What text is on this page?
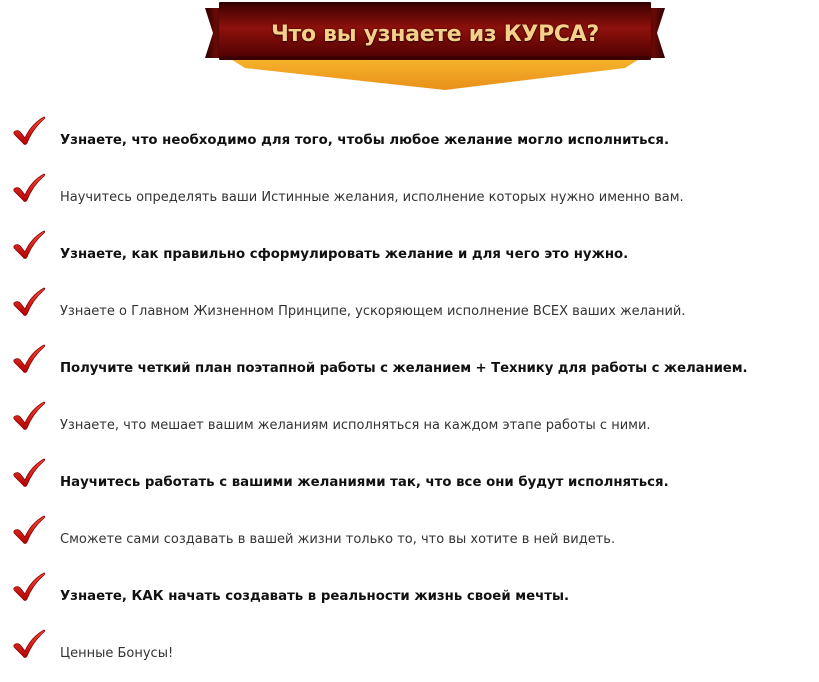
Что вы узнаете из КУРСА?
Узнаете, что необходимо для того, чтобы любое желание могло исполниться.
Научитесь определять ваши Истинные желания, исполнение которых нужно именно вам.
Узнаете, как правильно сформулировать желание и для чего это нужно.
Узнаете о Главном Жизненном Принципе, ускоряющем исполнение ВСЕХ ваших желаний.
Получите четкий план поэтапной работы с желанием + Технику для работы с желанием.
Узнаете, что мешает вашим желаниям исполняться на каждом этапе работы с ними.
Научитесь работать с вашими желаниями так, что все они будут исполняться.
Сможете сами создавать в вашей жизни только то, что вы хотите в ней видеть.
Узнаете, КАК начать создавать в реальности жизнь своей мечты.
Ценные Бонусы!
